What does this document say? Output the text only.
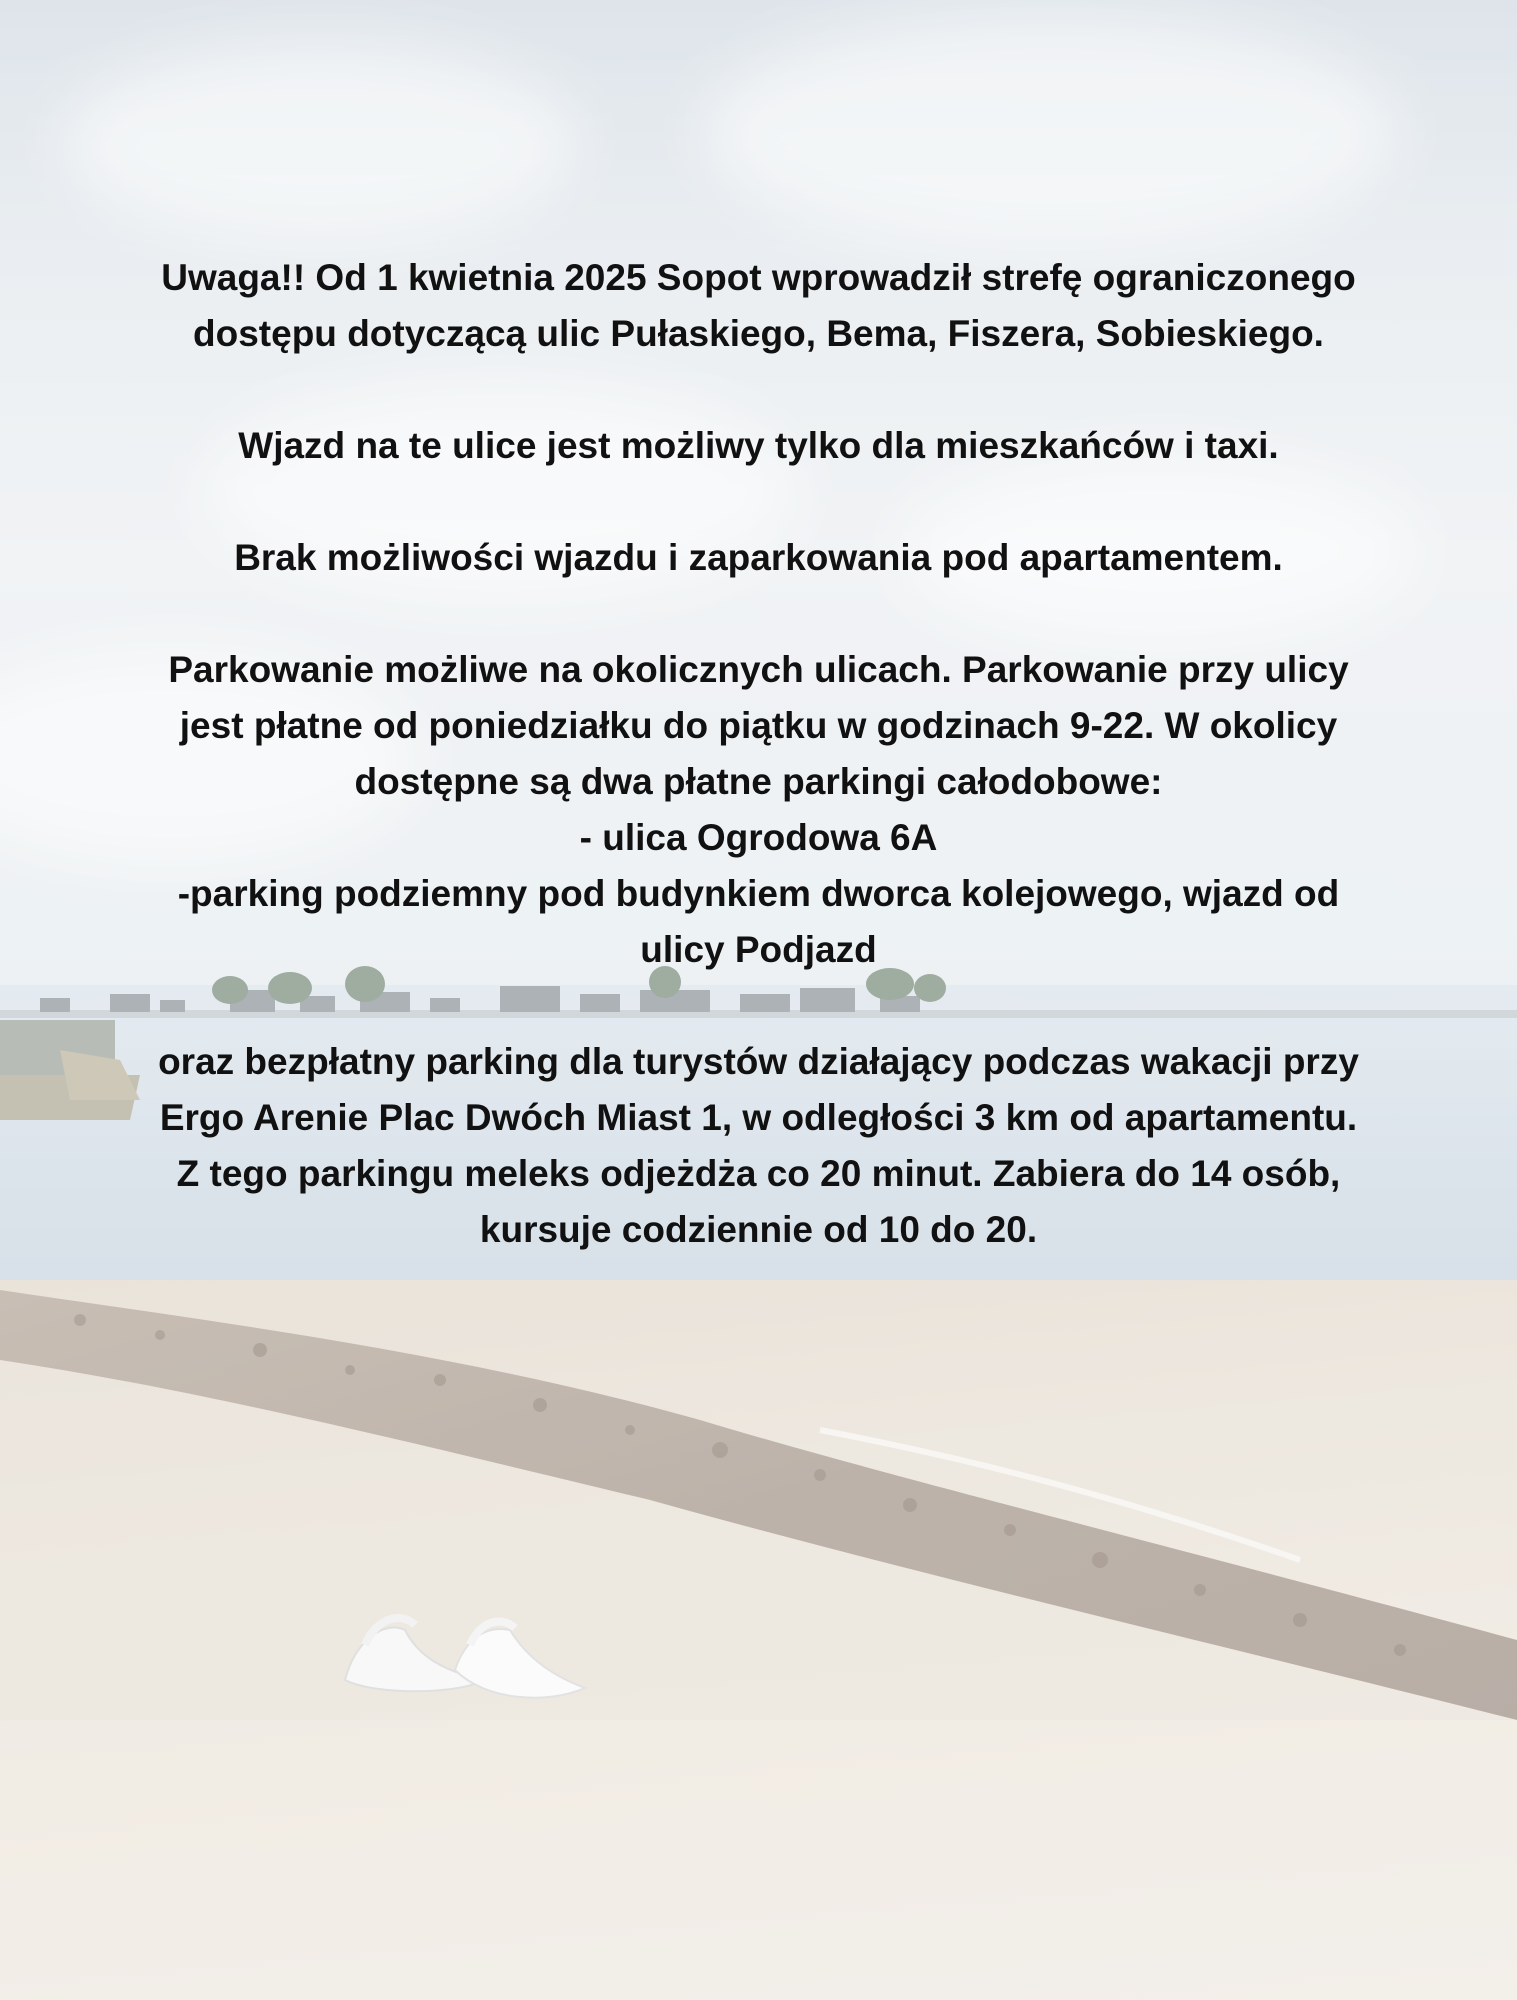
Uwaga!! Od 1 kwietnia 2025 Sopot wprowadził strefę ograniczonego

dostępu dotyczącą ulic Pułaskiego, Bema, Fiszera, Sobieskiego.

Wjazd na te ulice jest możliwy tylko dla mieszkańców i taxi.

Brak możliwości wjazdu i zaparkowania pod apartamentem.

Parkowanie możliwe na okolicznych ulicach. Parkowanie przy ulicy

jest płatne od poniedziałku do piątku w godzinach 9-22. W okolicy

dostępne są dwa płatne parkingi całodobowe:

- ulica Ogrodowa 6A

-parking podziemny pod budynkiem dworca kolejowego, wjazd od

ulicy Podjazd

oraz bezpłatny parking dla turystów działający podczas wakacji przy

Ergo Arenie Plac Dwóch Miast 1, w odległości 3 km od apartamentu.

Z tego parkingu meleks odjeżdża co 20 minut. Zabiera do 14 osób,

kursuje codziennie od 10 do 20.
